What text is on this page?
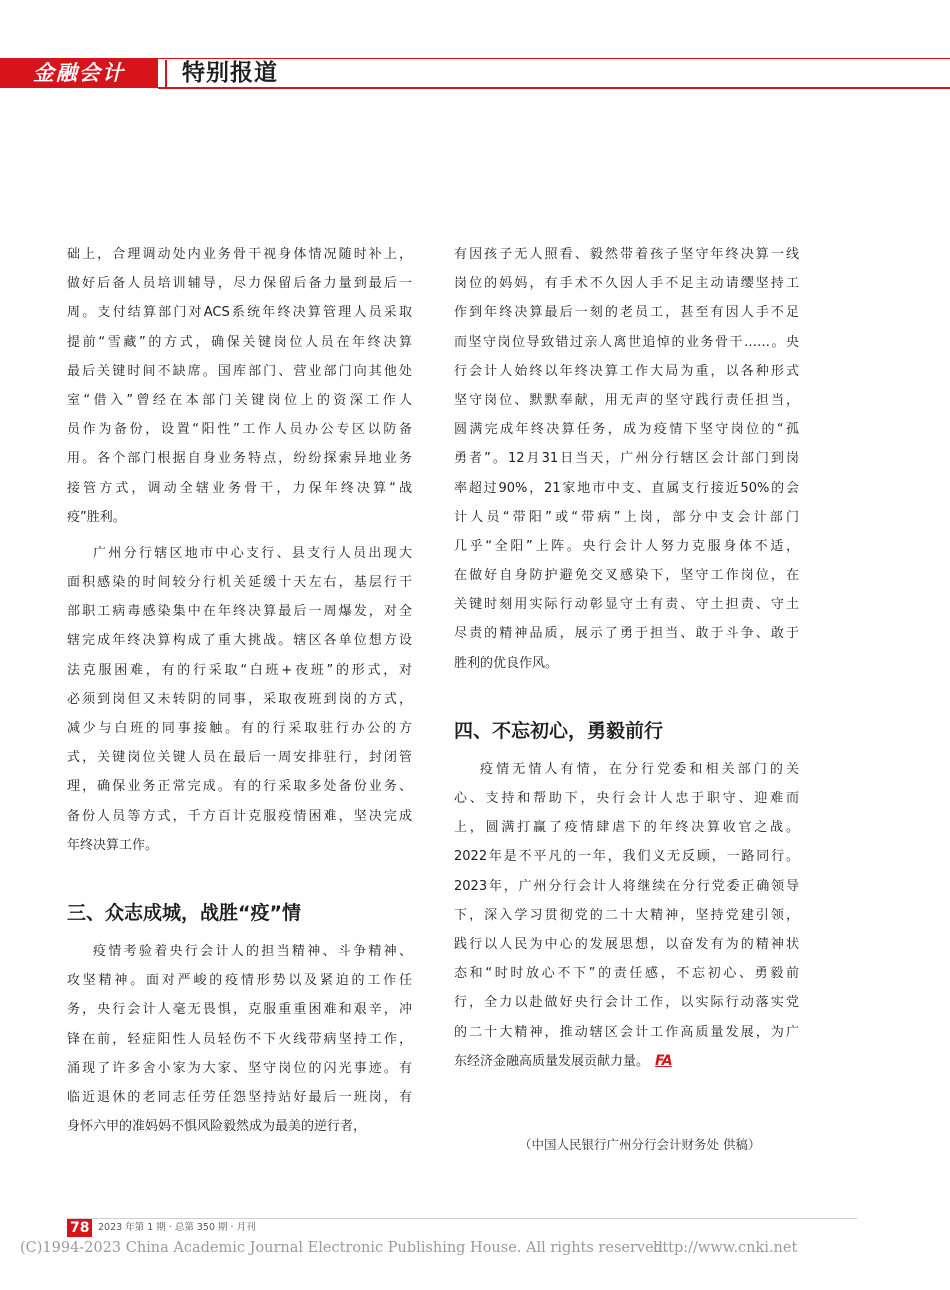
金融会计	特别报道
础上，合理调动处内业务骨干视身体情况随时补上，
做好后备人员培训辅导，尽力保留后备力量到最后一
周。支付结算部门对ACS系统年终决算管理人员采取
提前“雪藏”的方式，确保关键岗位人员在年终决算
最后关键时间不缺席。国库部门、营业部门向其他处
室“借入”曾经在本部门关键岗位上的资深工作人
员作为备份，设置“阳性”工作人员办公专区以防备
用。各个部门根据自身业务特点，纷纷探索异地业务
接管方式，调动全辖业务骨干，力保年终决算“战
疫”胜利。
广州分行辖区地市中心支行、县支行人员出现大
面积感染的时间较分行机关延缓十天左右，基层行干
部职工病毒感染集中在年终决算最后一周爆发，对全
辖完成年终决算构成了重大挑战。辖区各单位想方设
法克服困难，有的行采取“白班+夜班”的形式，对
必须到岗但又未转阴的同事，采取夜班到岗的方式，
减少与白班的同事接触。有的行采取驻行办公的方
式，关键岗位关键人员在最后一周安排驻行，封闭管
理，确保业务正常完成。有的行采取多处备份业务、
备份人员等方式，千方百计克服疫情困难，坚决完成
年终决算工作。
三、众志成城，战胜“疫”情
疫情考验着央行会计人的担当精神、斗争精神、
攻坚精神。面对严峻的疫情形势以及紧迫的工作任
务，央行会计人毫无畏惧，克服重重困难和艰辛，冲
锋在前，轻症阳性人员轻伤不下火线带病坚持工作，
涌现了许多舍小家为大家、坚守岗位的闪光事迹。有
临近退休的老同志任劳任怨坚持站好最后一班岗，有
身怀六甲的准妈妈不惧风险毅然成为最美的逆行者，
有因孩子无人照看、毅然带着孩子坚守年终决算一线
岗位的妈妈，有手术不久因人手不足主动请缨坚持工
作到年终决算最后一刻的老员工，甚至有因人手不足
而坚守岗位导致错过亲人离世追悼的业务骨干……。央
行会计人始终以年终决算工作大局为重，以各种形式
坚守岗位、默默奉献，用无声的坚守践行责任担当，
圆满完成年终决算任务，成为疫情下坚守岗位的“孤
勇者”。12月31日当天，广州分行辖区会计部门到岗
率超过90%，21家地市中支、直属支行接近50%的会
计人员“带阳”或“带病”上岗，部分中支会计部门
几乎“全阳”上阵。央行会计人努力克服身体不适，
在做好自身防护避免交叉感染下，坚守工作岗位，在
关键时刻用实际行动彰显守土有责、守土担责、守土
尽责的精神品质，展示了勇于担当、敢于斗争、敢于
胜利的优良作风。
四、不忘初心，勇毅前行
疫情无情人有情，在分行党委和相关部门的关
心、支持和帮助下，央行会计人忠于职守、迎难而
上，圆满打赢了疫情肆虐下的年终决算收官之战。
2022年是不平凡的一年，我们义无反顾，一路同行。
2023年，广州分行会计人将继续在分行党委正确领导
下，深入学习贯彻党的二十大精神，坚持党建引领，
践行以人民为中心的发展思想，以奋发有为的精神状
态和“时时放心不下”的责任感，不忘初心、勇毅前
行，全力以赴做好央行会计工作，以实际行动落实党
的二十大精神，推动辖区会计工作高质量发展，为广
东经济金融高质量发展贡献力量。 FA
（中国人民银行广州分行会计财务处 供稿）
78 2023 年第 1 期 · 总第 350 期 · 月刊
(C)1994-2023 China Academic Journal Electronic Publishing House. All rights reserved.
http://www.cnki.net
